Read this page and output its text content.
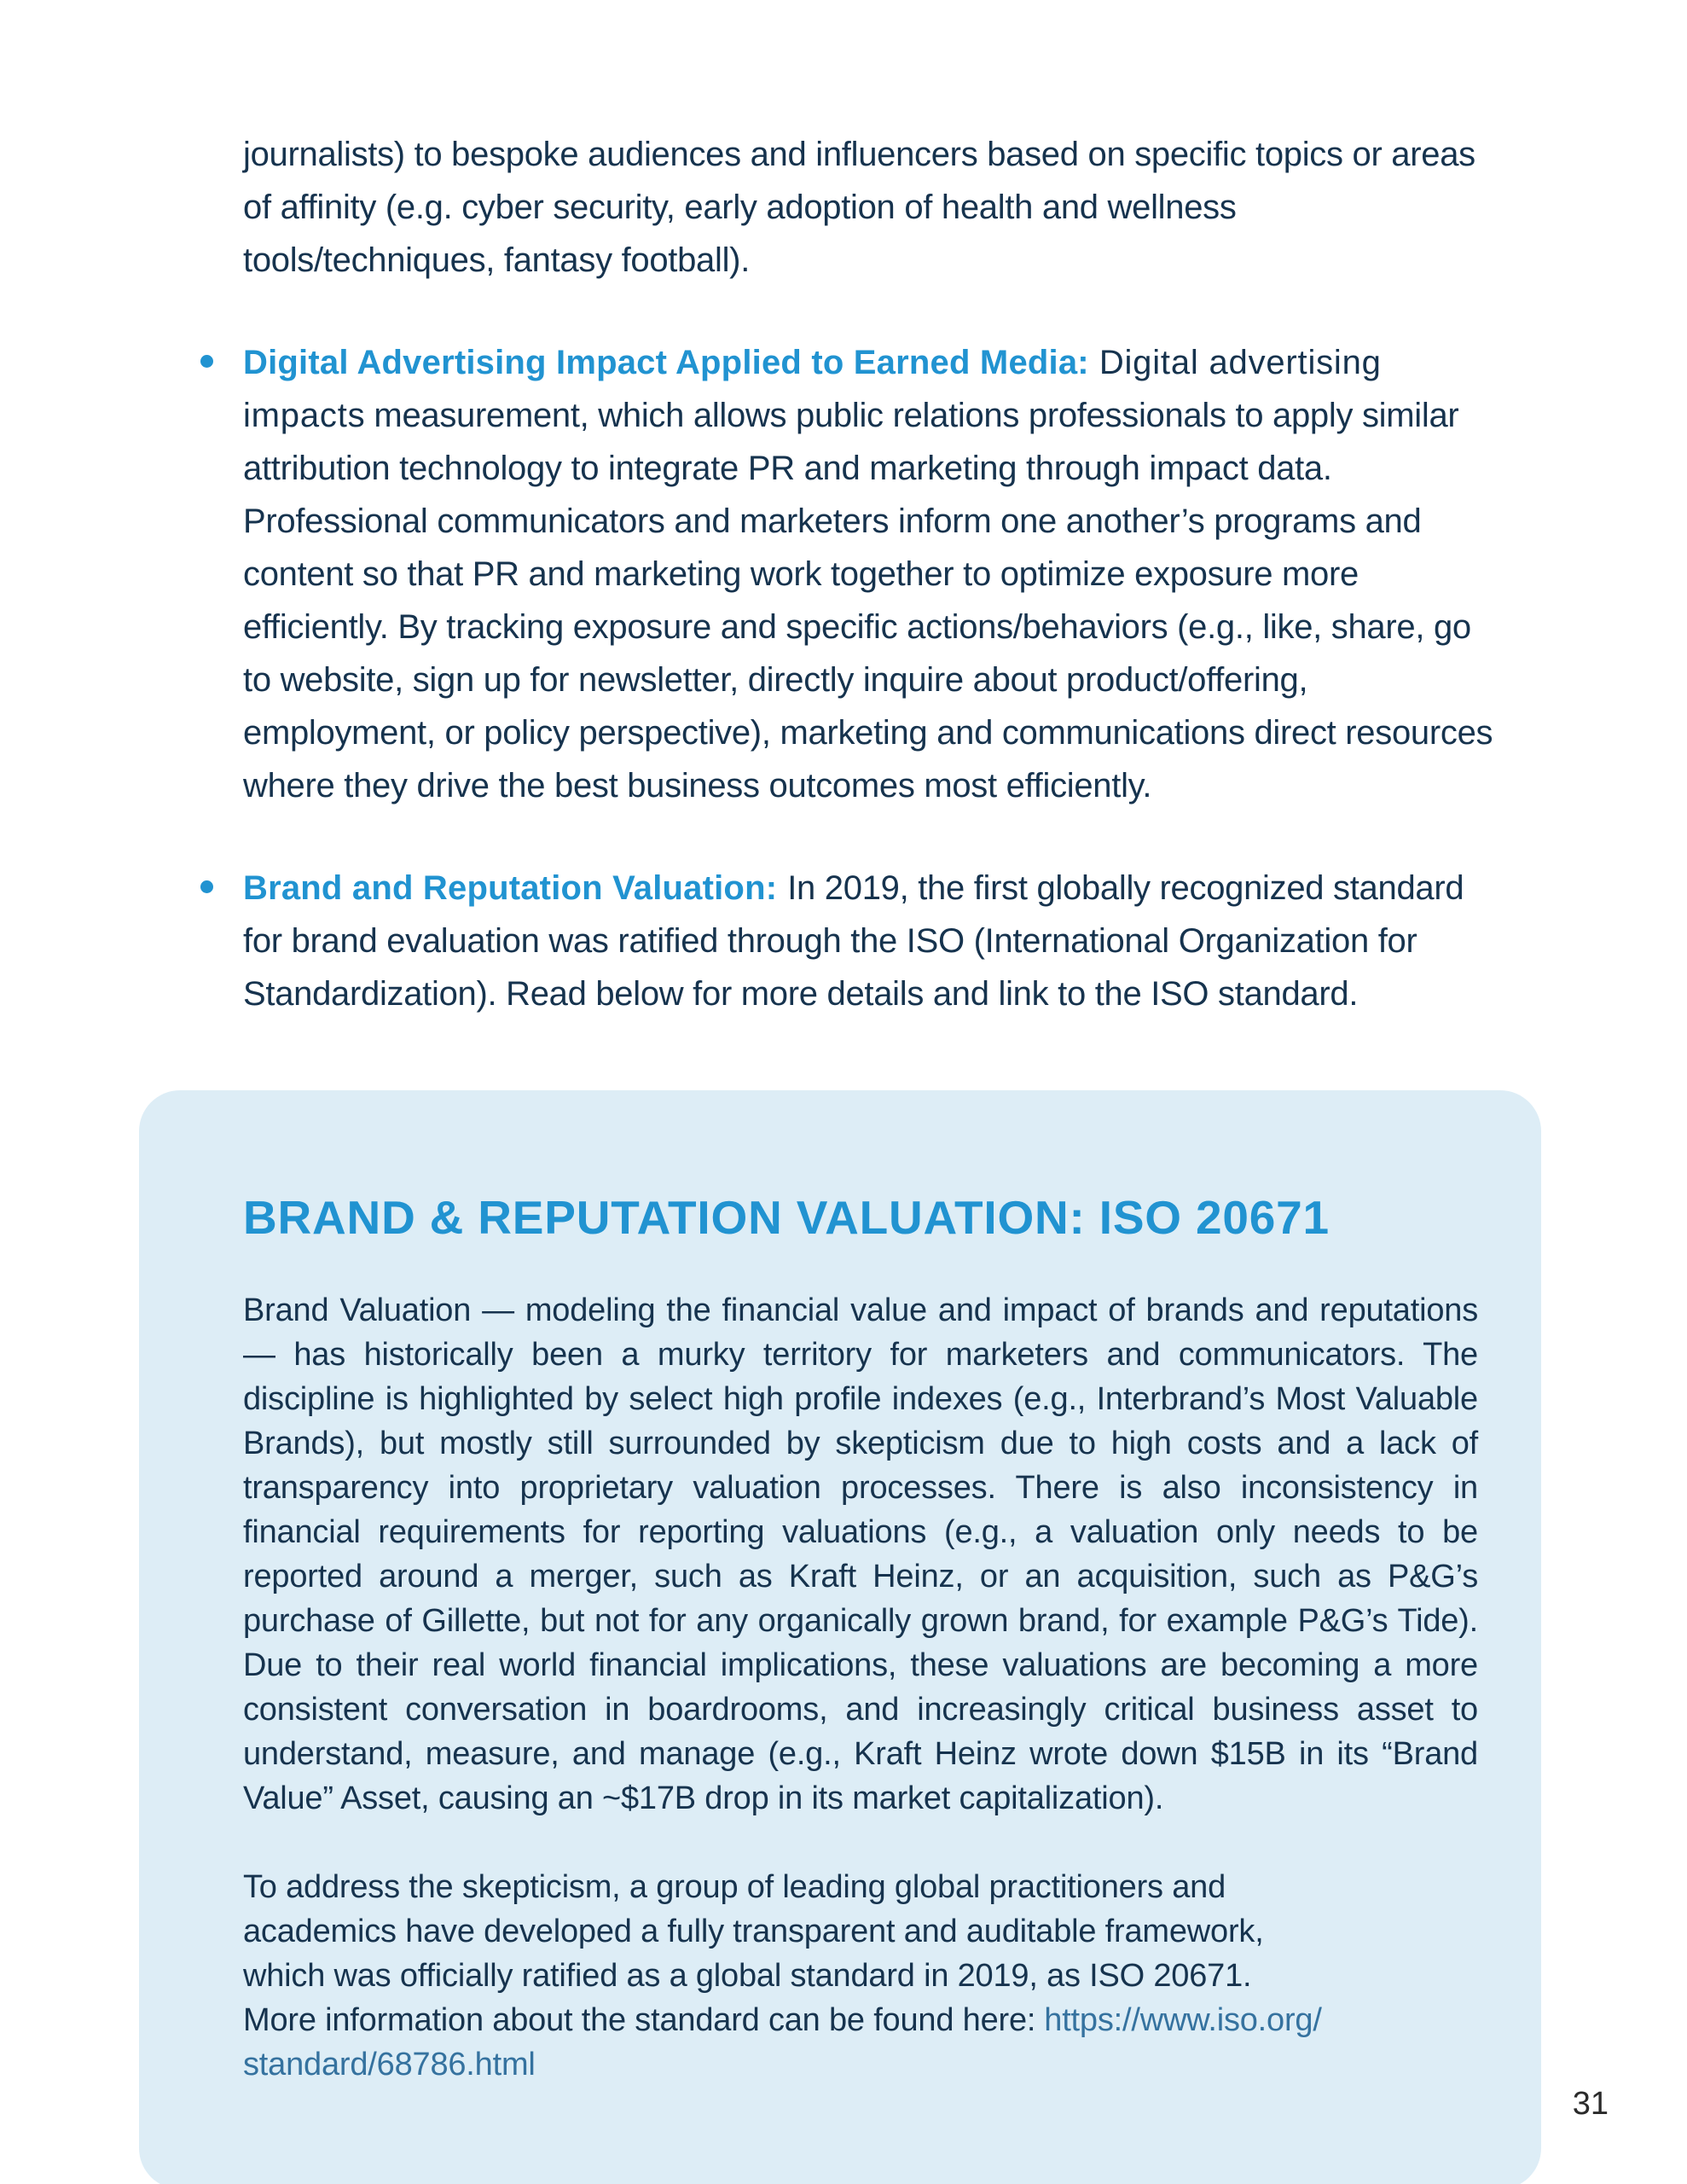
journalists) to bespoke audiences and influencers based on specific topics or areas of affinity (e.g. cyber security, early adoption of health and wellness tools/techniques, fantasy football).

Digital Advertising Impact Applied to Earned Media: Digital advertising impacts measurement, which allows public relations professionals to apply similar attribution technology to integrate PR and marketing through impact data. Professional communicators and marketers inform one another’s programs and content so that PR and marketing work together to optimize exposure more efficiently. By tracking exposure and specific actions/behaviors (e.g., like, share, go to website, sign up for newsletter, directly inquire about product/offering, employment, or policy perspective), marketing and communications direct resources where they drive the best business outcomes most efficiently.

Brand and Reputation Valuation: In 2019, the first globally recognized standard for brand evaluation was ratified through the ISO (International Organization for Standardization). Read below for more details and link to the ISO standard.

BRAND & REPUTATION VALUATION: ISO 20671

Brand Valuation — modeling the financial value and impact of brands and reputations — has historically been a murky territory for marketers and communicators. The discipline is highlighted by select high profile indexes (e.g., Interbrand’s Most Valuable Brands), but mostly still surrounded by skepticism due to high costs and a lack of transparency into proprietary valuation processes. There is also inconsistency in financial requirements for reporting valuations (e.g., a valuation only needs to be reported around a merger, such as Kraft Heinz, or an acquisition, such as P&G’s purchase of Gillette, but not for any organically grown brand, for example P&G’s Tide). Due to their real world financial implications, these valuations are becoming a more consistent conversation in boardrooms, and increasingly critical business asset to understand, measure, and manage (e.g., Kraft Heinz wrote down $15B in its “Brand Value” Asset, causing an ~$17B drop in its market capitalization).

To address the skepticism, a group of leading global practitioners and academics have developed a fully transparent and auditable framework, which was officially ratified as a global standard in 2019, as ISO 20671. More information about the standard can be found here: https://www.iso.org/standard/68786.html

31
